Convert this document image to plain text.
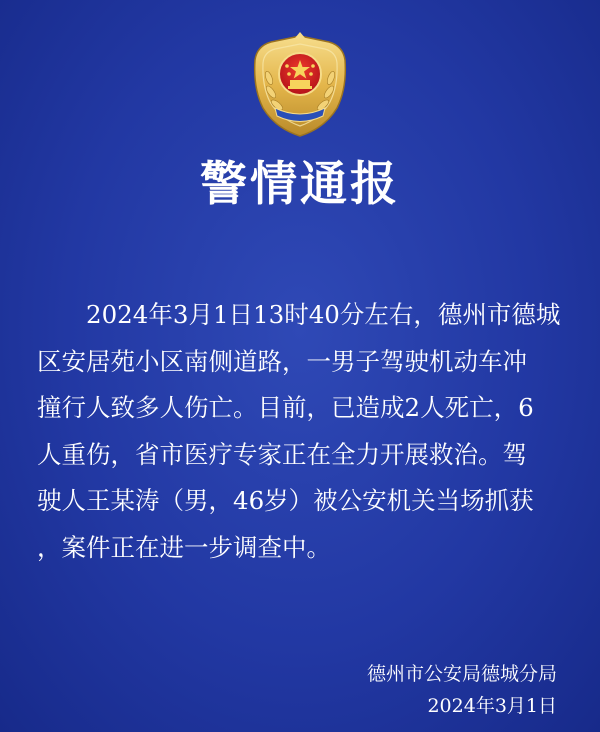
警情通报
2024年3月1日13时40分左右，德州市德城
区安居苑小区南侧道路，一男子驾驶机动车冲
撞行人致多人伤亡。目前，已造成2人死亡，6
人重伤，省市医疗专家正在全力开展救治。驾
驶人王某涛（男，46岁）被公安机关当场抓获
，案件正在进一步调查中。
德州市公安局德城分局
2024年3月1日
